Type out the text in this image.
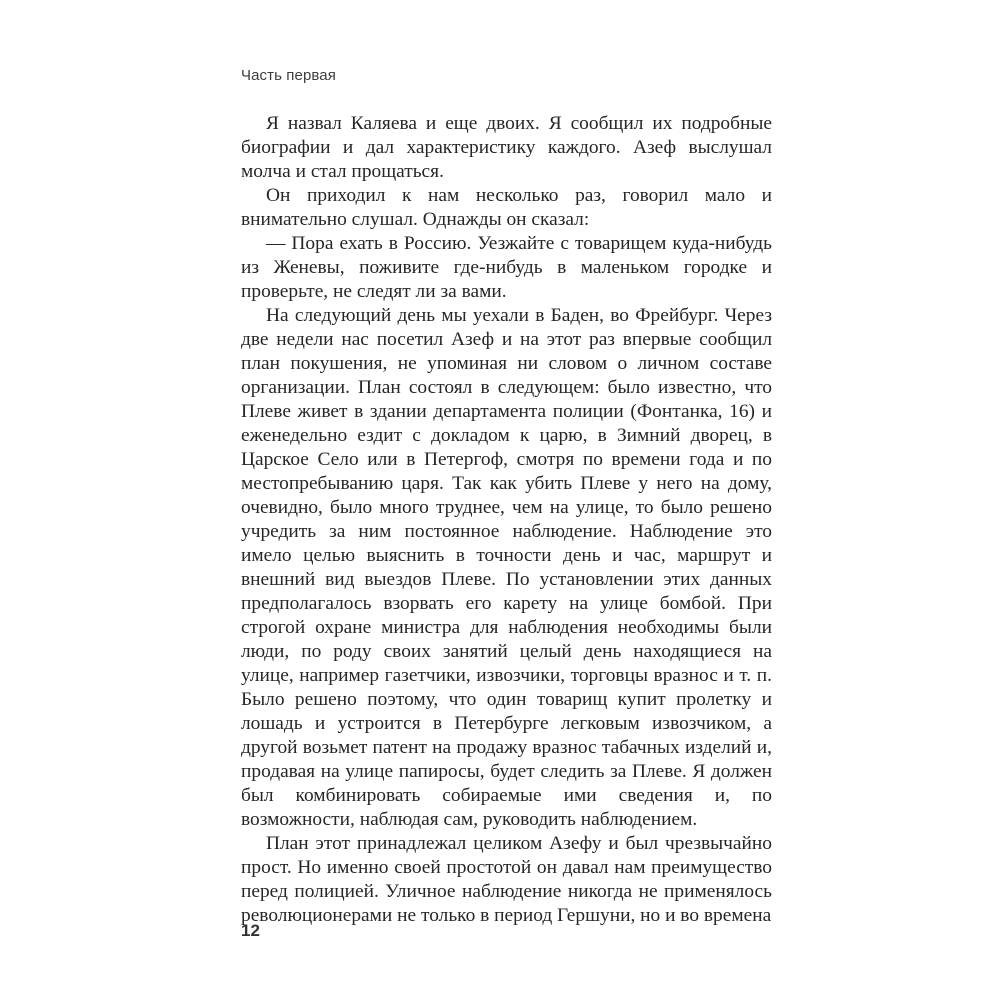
Часть первая

Я назвал Каляева и еще двоих. Я сообщил их подробные биографии и дал характеристику каждого. Азеф выслушал молча и стал прощаться.

Он приходил к нам несколько раз, говорил мало и внимательно слушал. Однажды он сказал:

— Пора ехать в Россию. Уезжайте с товарищем куда-нибудь из Женевы, поживите где-нибудь в маленьком городке и проверьте, не следят ли за вами.

На следующий день мы уехали в Баден, во Фрейбург. Через две недели нас посетил Азеф и на этот раз впервые сообщил план покушения, не упоминая ни словом о личном составе организации. План состоял в следующем: было известно, что Плеве живет в здании департамента полиции (Фонтанка, 16) и еженедельно ездит с докладом к царю, в Зимний дворец, в Царское Село или в Петергоф, смотря по времени года и по местопребыванию царя. Так как убить Плеве у него на дому, очевидно, было много труднее, чем на улице, то было решено учредить за ним постоянное наблюдение. Наблюдение это имело целью выяснить в точности день и час, маршрут и внешний вид выездов Плеве. По установлении этих данных предполагалось взорвать его карету на улице бомбой. При строгой охране министра для наблюдения необходимы были люди, по роду своих занятий целый день находящиеся на улице, например газетчики, извозчики, торговцы вразнос и т. п. Было решено поэтому, что один товарищ купит пролетку и лошадь и устроится в Петербурге легковым извозчиком, а другой возьмет патент на продажу вразнос табачных изделий и, продавая на улице папиросы, будет следить за Плеве. Я должен был комбинировать собираемые ими сведения и, по возможности, наблюдая сам, руководить наблюдением.

План этот принадлежал целиком Азефу и был чрезвычайно прост. Но именно своей простотой он давал нам преимущество перед полицией. Уличное наблюдение никогда не применялось революционерами не только в период Гершуни, но и во времена

12
